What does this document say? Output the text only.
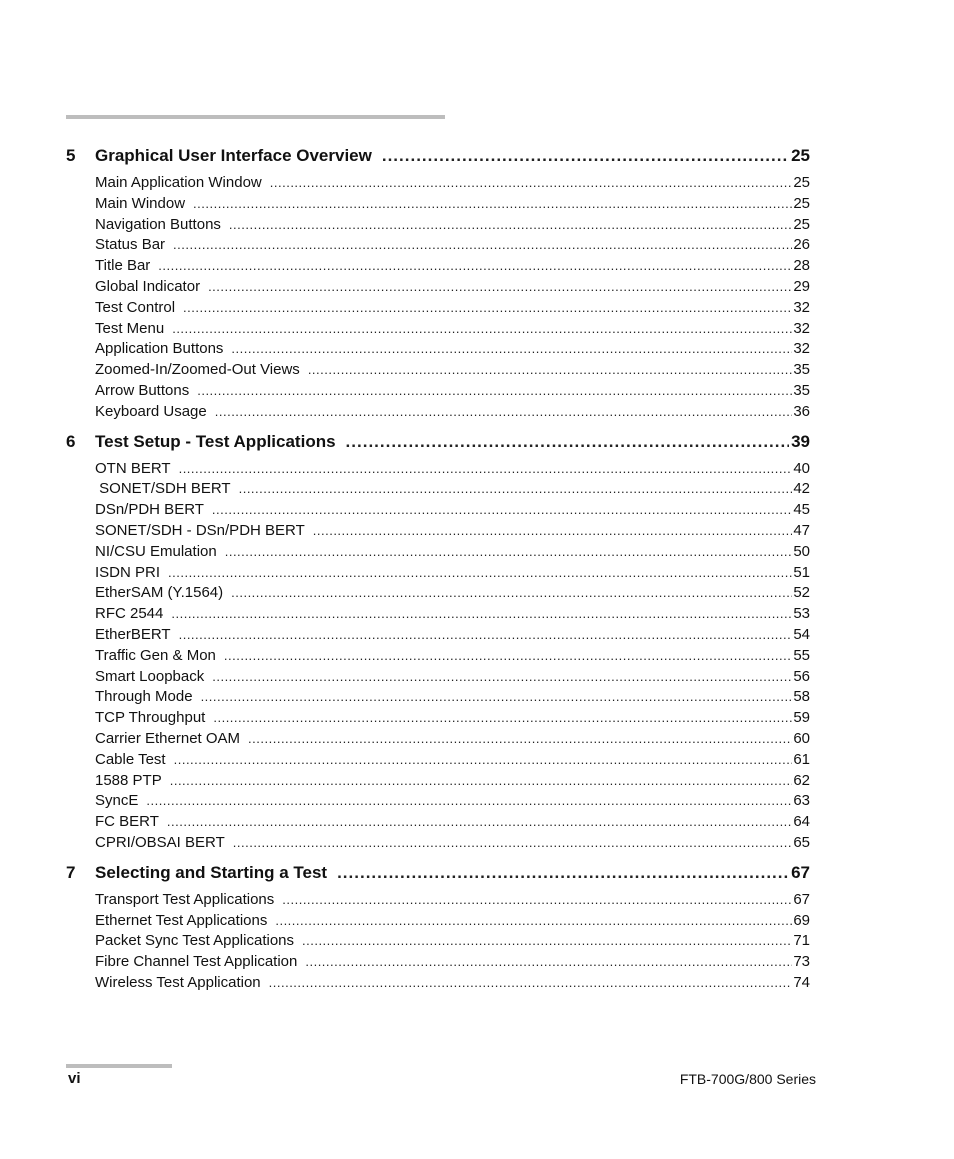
5	Graphical User Interface Overview .....	25
Main Application Window .....	25
Main Window .....	25
Navigation Buttons .....	25
Status Bar .....	26
Title Bar .....	28
Global Indicator .....	29
Test Control .....	32
Test Menu .....	32
Application Buttons .....	32
Zoomed-In/Zoomed-Out Views .....	35
Arrow Buttons .....	35
Keyboard Usage .....	36
6	Test Setup - Test Applications .....	39
OTN BERT .....	40
SONET/SDH BERT .....	42
DSn/PDH BERT .....	45
SONET/SDH - DSn/PDH BERT .....	47
NI/CSU Emulation .....	50
ISDN PRI .....	51
EtherSAM (Y.1564) .....	52
RFC 2544 .....	53
EtherBERT .....	54
Traffic Gen & Mon .....	55
Smart Loopback .....	56
Through Mode .....	58
TCP Throughput .....	59
Carrier Ethernet OAM .....	60
Cable Test .....	61
1588 PTP .....	62
SyncE .....	63
FC BERT .....	64
CPRI/OBSAI BERT .....	65
7	Selecting and Starting a Test .....	67
Transport Test Applications .....	67
Ethernet Test Applications .....	69
Packet Sync Test Applications .....	71
Fibre Channel Test Application .....	73
Wireless Test Application .....	74
vi	FTB-700G/800 Series
